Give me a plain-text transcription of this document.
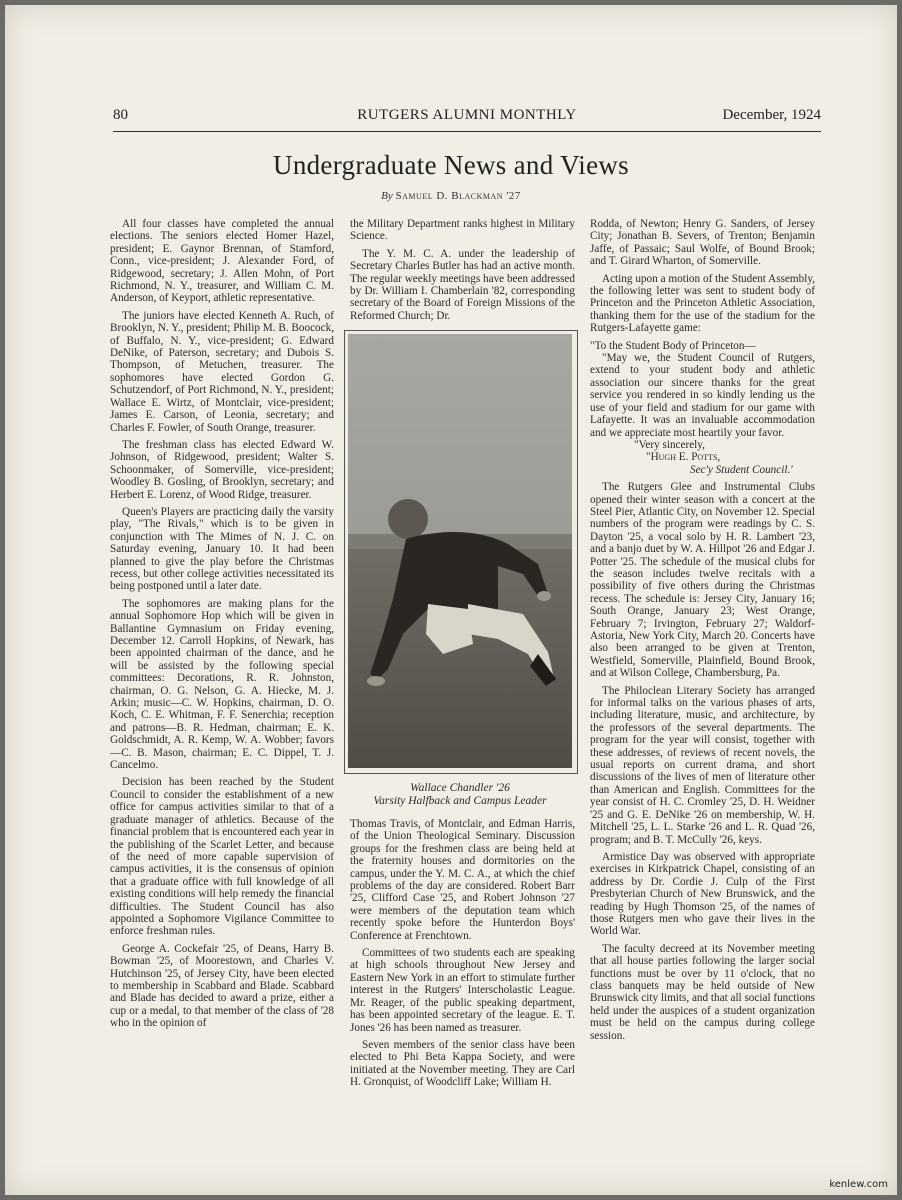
80	RUTGERS ALUMNI MONTHLY	December, 1924
Undergraduate News and Views
By Samuel D. Blackman '27

All four classes have completed the annual elections. The seniors elected Homer Hazel, president; E. Gaynor Brennan, of Stamford, Conn., vice-president; J. Alexander Ford, of Ridgewood, secretary; J. Allen Mohn, of Port Richmond, N. Y., treasurer, and William C. M. Anderson, of Keyport, athletic representative.

The juniors have elected Kenneth A. Ruch, of Brooklyn, N. Y., president; Philip M. B. Boocock, of Buffalo, N. Y., vice-president; G. Edward DeNike, of Paterson, secretary; and Dubois S. Thompson, of Metuchen, treasurer. The sophomores have elected Gordon G. Schutzendorf, of Port Richmond, N. Y., president; Wallace E. Wirtz, of Montclair, vice-president; James E. Carson, of Leonia, secretary; and Charles F. Fowler, of South Orange, treasurer.

The freshman class has elected Edward W. Johnson, of Ridgewood, president; Walter S. Schoonmaker, of Somerville, vice-president; Woodley B. Gosling, of Brooklyn, secretary; and Herbert E. Lorenz, of Wood Ridge, treasurer.

Queen's Players are practicing daily the varsity play, "The Rivals," which is to be given in conjunction with The Mimes of N. J. C. on Saturday evening, January 10. It had been planned to give the play before the Christmas recess, but other college activities necessitated its being postponed until a later date.

The sophomores are making plans for the annual Sophomore Hop which will be given in Ballantine Gymnasium on Friday evening, December 12. Carroll Hopkins, of Newark, has been appointed chairman of the dance, and he will be assisted by the following special committees: Decorations, R. R. Johnston, chairman, O. G. Nelson, G. A. Hiecke, M. J. Arkin; music—C. W. Hopkins, chairman, D. O. Koch, C. E. Whitman, F. F. Senerchia; reception and patrons—B. R. Hedman, chairman; E. K. Goldschmidt, A. R. Kemp, W. A. Wobber; favors—C. B. Mason, chairman; E. C. Dippel, T. J. Cancelmo.

Decision has been reached by the Student Council to consider the establishment of a new office for campus activities similar to that of a graduate manager of athletics. Because of the financial problem that is encountered each year in the publishing of the Scarlet Letter, and because of the need of more capable supervision of campus activities, it is the consensus of opinion that a graduate office with full knowledge of all existing conditions will help remedy the financial difficulties. The Student Council has also appointed a Sophomore Vigilance Committee to enforce freshman rules.

George A. Cockefair '25, of Deans, Harry B. Bowman '25, of Moorestown, and Charles V. Hutchinson '25, of Jersey City, have been elected to membership in Scabbard and Blade. Scabbard and Blade has decided to award a prize, either a cup or a medal, to that member of the class of '28 who in the opinion of

the Military Department ranks highest in Military Science.

The Y. M. C. A. under the leadership of Secretary Charles Butler has had an active month. The regular weekly meetings have been addressed by Dr. William I. Chamberlain '82, corresponding secretary of the Board of Foreign Missions of the Reformed Church; Dr.

Wallace Chandler '26
Varsity Halfback and Campus Leader

Thomas Travis, of Montclair, and Edman Harris, of the Union Theological Seminary. Discussion groups for the freshmen class are being held at the fraternity houses and dormitories on the campus, under the Y. M. C. A., at which the chief problems of the day are considered. Robert Barr '25, Clifford Case '25, and Robert Johnson '27 were members of the deputation team which recently spoke before the Hunterdon Boys' Conference at Frenchtown.

Committees of two students each are speaking at high schools throughout New Jersey and Eastern New York in an effort to stimulate further interest in the Rutgers' Interscholastic League. Mr. Reager, of the public speaking department, has been appointed secretary of the league. E. T. Jones '26 has been named as treasurer.

Seven members of the senior class have been elected to Phi Beta Kappa Society, and were initiated at the November meeting. They are Carl H. Gronquist, of Woodcliff Lake; William H.

Rodda, of Newton; Henry G. Sanders, of Jersey City; Jonathan B. Severs, of Trenton; Benjamin Jaffe, of Passaic; Saul Wolfe, of Bound Brook; and T. Girard Wharton, of Somerville.

Acting upon a motion of the Student Assembly, the following letter was sent to student body of Princeton and the Princeton Athletic Association, thanking them for the use of the stadium for the Rutgers-Lafayette game:

"To the Student Body of Princeton—

"May we, the Student Council of Rutgers, extend to your student body and athletic association our sincere thanks for the great service you rendered in so kindly lending us the use of your field and stadium for our game with Lafayette. It was an invaluable accommodation and we appreciate most heartily your favor.

"Very sincerely,

"Hugh E. Potts,

Sec'y Student Council.'

The Rutgers Glee and Instrumental Clubs opened their winter season with a concert at the Steel Pier, Atlantic City, on November 12. Special numbers of the program were readings by C. S. Dayton '25, a vocal solo by H. R. Lambert '23, and a banjo duet by W. A. Hillpot '26 and Edgar J. Potter '25. The schedule of the musical clubs for the season includes twelve recitals with a possibility of five others during the Christmas recess. The schedule is: Jersey City, January 16; South Orange, January 23; West Orange, February 7; Irvington, February 27; Waldorf-Astoria, New York City, March 20. Concerts have also been arranged to be given at Trenton, Westfield, Somerville, Plainfield, Bound Brook, and at Wilson College, Chambersburg, Pa.

The Philoclean Literary Society has arranged for informal talks on the various phases of arts, including literature, music, and architecture, by the professors of the several departments. The program for the year will consist, together with these addresses, of reviews of recent novels, the usual reports on current drama, and short discussions of the lives of men of literature other than American and English. Committees for the year consist of H. C. Cromley '25, D. H. Weidner '25 and G. E. DeNike '26 on membership, W. H. Mitchell '25, L. L. Starke '26 and L. R. Quad '26, program; and B. T. McCully '26, keys.

Armistice Day was observed with appropriate exercises in Kirkpatrick Chapel, consisting of an address by Dr. Cordie J. Culp of the First Presbyterian Church of New Brunswick, and the reading by Hugh Thomson '25, of the names of those Rutgers men who gave their lives in the World War.

The faculty decreed at its November meeting that all house parties following the larger social functions must be over by 11 o'clock, that no class banquets may be held outside of New Brunswick city limits, and that all social functions held under the auspices of a student organization must be held on the campus during college session.

kenlew.com
